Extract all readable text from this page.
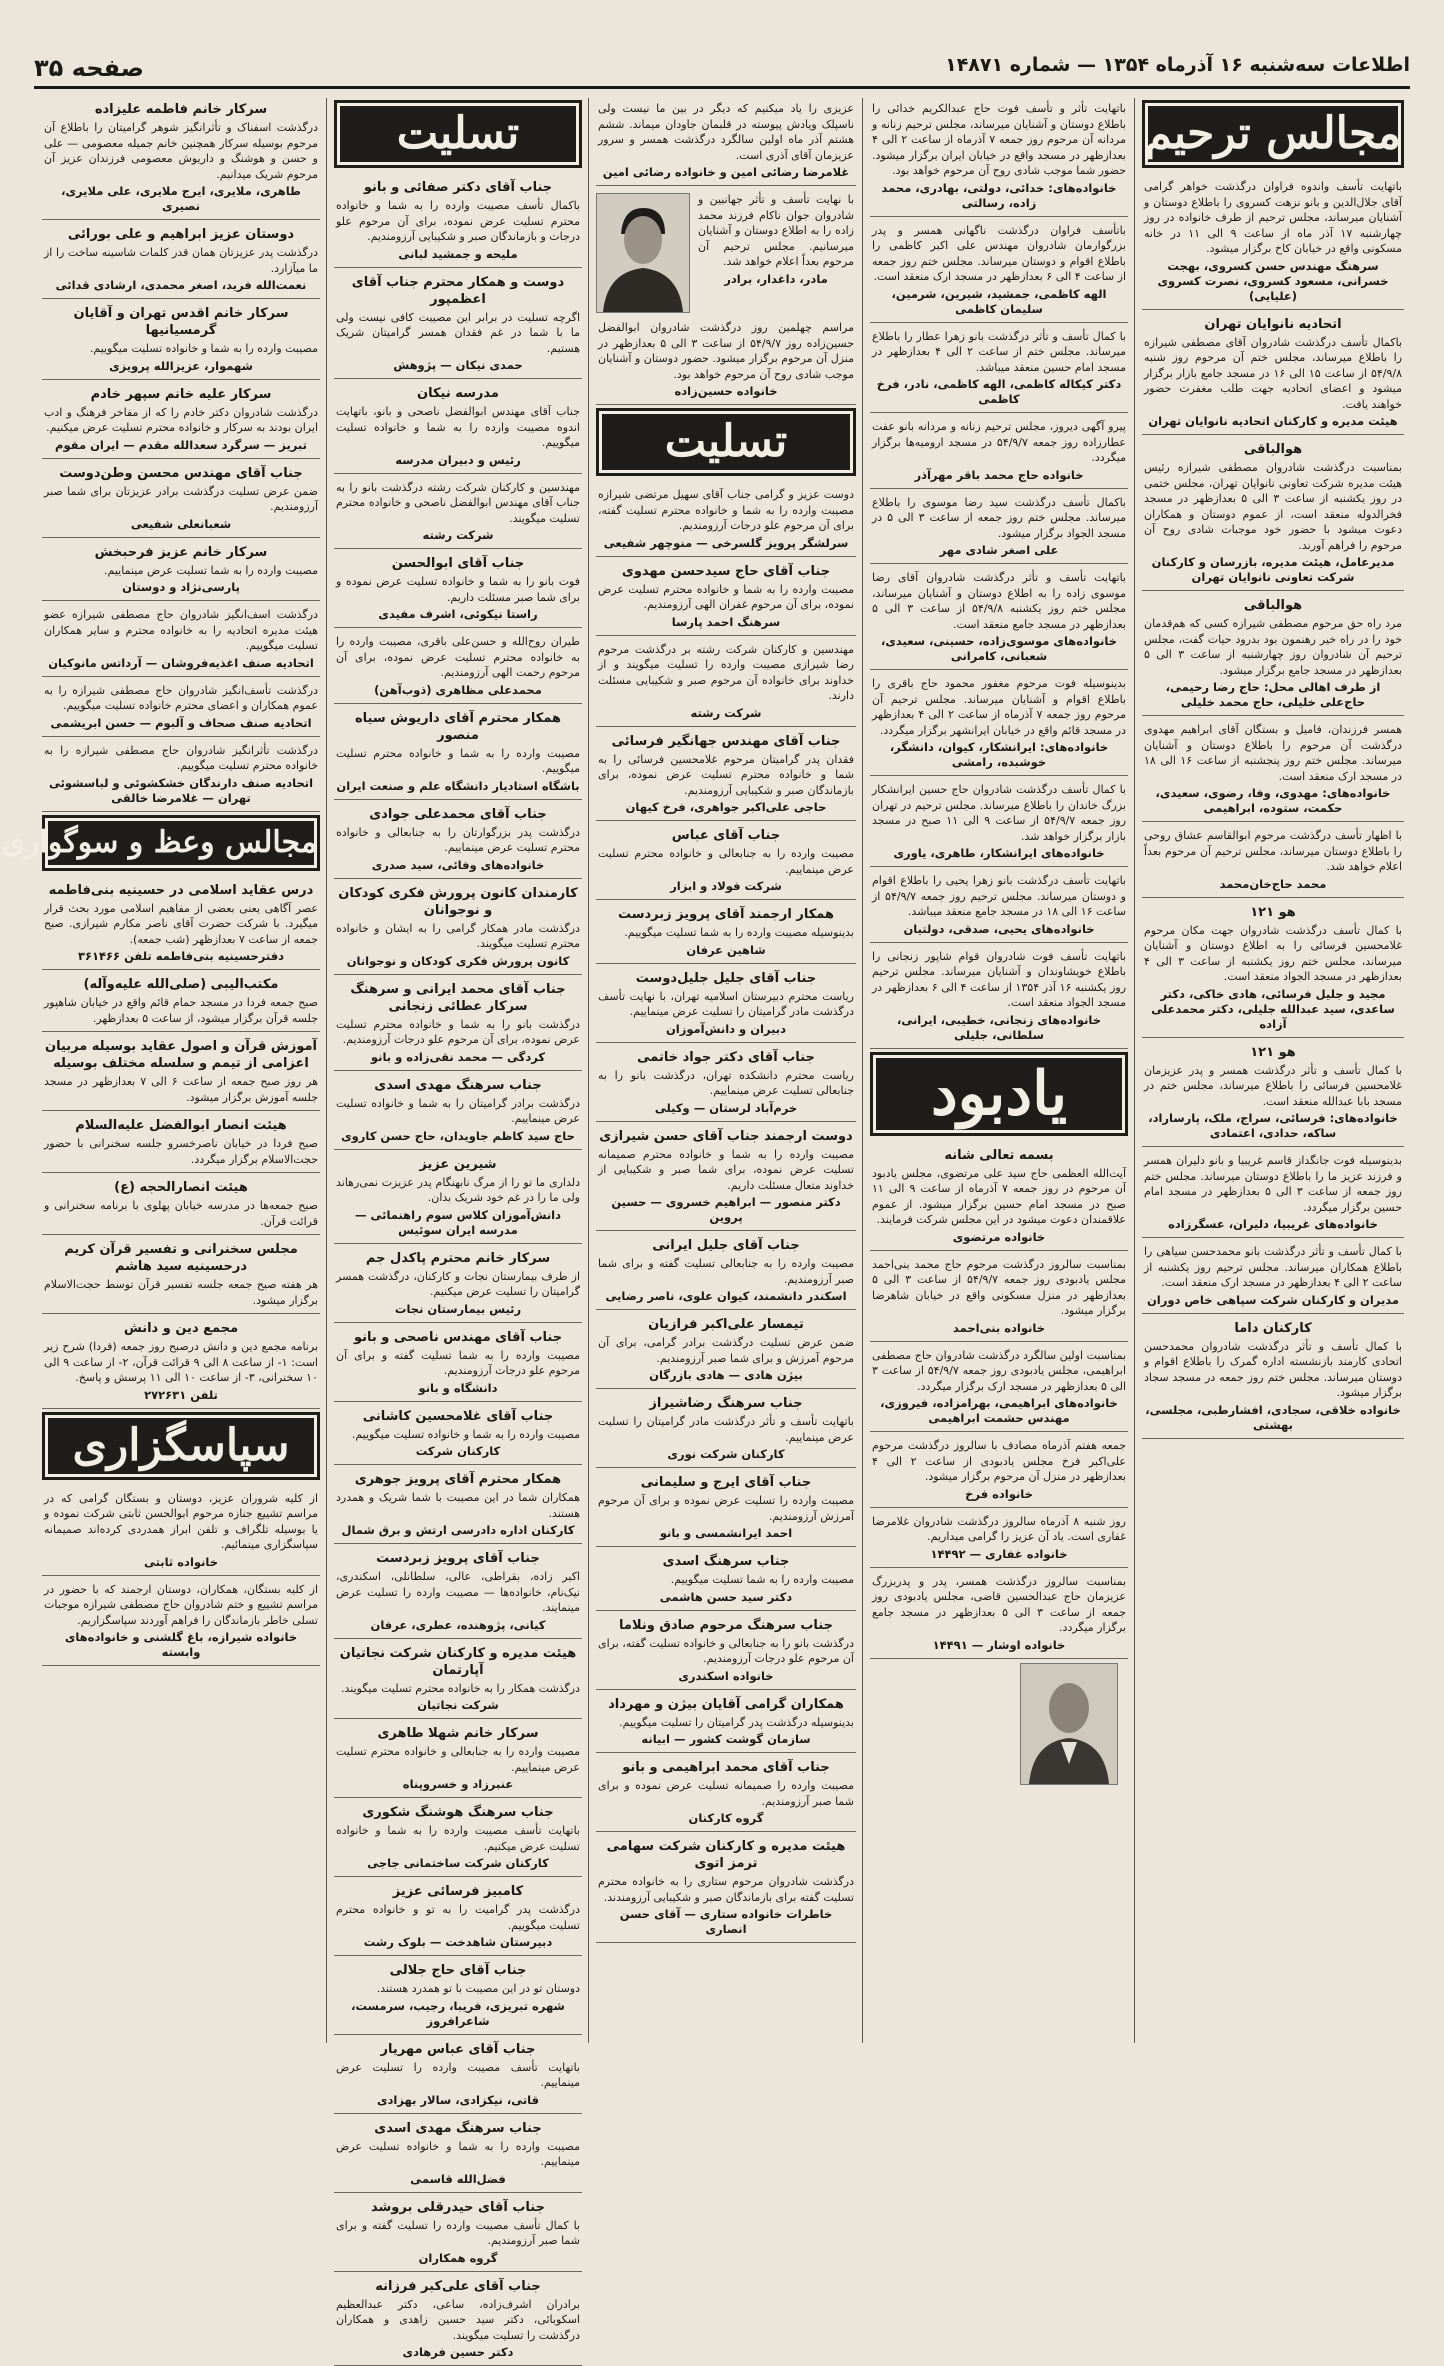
اطلاعات سه‌شنبه ۱۶ آذرماه ۱۳۵۴ — شماره ۱۴۸۷۱
صفحه ۳۵
مجالس ترحیم

باتهایت تأسف واندوه فراوان درگذشت خواهر گرامی آقای جلال‌الدین و بانو نزهت کسروی را باطلاع دوستان و آشنایان میرساند، مجلس ترحیم از طرف خانواده در روز چهارشنبه ۱۷ آذر ماه از ساعت ۹ الی ۱۱ در خانه مسکونی واقع در خیابان کاخ برگزار میشود.

سرهنگ مهندس حسن کسروی، بهجت خسرانی، مسعود کسروی، نصرت کسروی (علیایی)
اتحادیه نانوایان تهران

باکمال تأسف درگذشت شادروان آقای مصطفی شیرازه را باطلاع میرساند، مجلس ختم آن مرحوم روز شنبه ۵۴/۹/۸ از ساعت ۱۵ الی ۱۶ در مسجد جامع بازار برگزار میشود و اعضای اتحادیه جهت طلب مغفرت حضور خواهند یافت.

هیئت مدیره و کارکنان اتحادیه نانوایان تهران
هوالباقی

بمناسبت درگذشت شادروان مصطفی شیرازه رئیس هیئت مدیره شرکت تعاونی نانوایان تهران، مجلس ختمی در روز یکشنبه از ساعت ۳ الی ۵ بعدازظهر در مسجد فخرالدوله منعقد است، از عموم دوستان و همکاران دعوت میشود با حضور خود موجبات شادی روح آن مرحوم را فراهم آورند.

مدیرعامل، هیئت مدیره، بازرسان و کارکنان شرکت تعاونی نانوایان تهران
هوالباقی

مرد راه حق مرحوم مصطفی شیرازه کسی که هم‌قدمان خود را در راه خیر رهنمون بود بدرود حیات گفت، مجلس ترحیم آن شادروان روز چهارشنبه از ساعت ۳ الی ۵ بعدازظهر در مسجد جامع برگزار میشود.

از طرف اهالی محل: حاج رضا رحیمی، حاج‌علی خلیلی، حاج محمد خلیلی

همسر فرزندان، فامیل و بستگان آقای ابراهیم مهدوی درگذشت آن مرحوم را باطلاع دوستان و آشنایان میرساند. مجلس ختم روز پنجشنبه از ساعت ۱۶ الی ۱۸ در مسجد ارک منعقد است.

خانواده‌های: مهدوی، وفا، رضوی، سعیدی، حکمت، ستوده، ابراهیمی

با اظهار تأسف درگذشت مرحوم ابوالقاسم عشاق روحی را باطلاع دوستان میرساند، مجلس ترحیم آن مرحوم بعداً اعلام خواهد شد.

محمد حاج‌خان‌محمد
هو ۱۲۱

با کمال تأسف درگذشت شادروان جهت مکان مرحوم غلامحسین فرسائی را به اطلاع دوستان و آشنایان میرساند، مجلس ختم روز یکشنبه از ساعت ۳ الی ۴ بعدازظهر در مسجد الجواد منعقد است.

مجید و جلیل فرسائی، هادی خاکی، دکتر ساعدی، سید عبدالله جلیلی، دکتر محمدعلی آزاده
هو ۱۲۱

با کمال تأسف و تأثر درگذشت همسر و پدر عزیزمان غلامحسین فرسائی را باطلاع میرساند، مجلس ختم در مسجد بابا عبدالله منعقد است.

خانواده‌های: فرسائی، سراج، ملک، پارساراد، ساکه، حدادی، اعتمادی

بدینوسیله فوت جانگداز قاسم غریبیا و بانو دلیران همسر و فرزند عزیز ما را باطلاع دوستان میرساند. مجلس ختم روز جمعه از ساعت ۳ الی ۵ بعدازظهر در مسجد امام حسین برگزار میگردد.

خانواده‌های غریبیا، دلیران، عسگرزاده

با کمال تأسف و تأثر درگذشت بانو محمدحسن سیاهی را باطلاع همکاران میرساند. مجلس ترحیم روز یکشنبه از ساعت ۲ الی ۴ بعدازظهر در مسجد ارک منعقد است.

مدیران و کارکنان شرکت سپاهی خاص دوران
کارکنان داما

با کمال تأسف و تأثر درگذشت شادروان محمدحسن اتحادی کارمند بازنشسته اداره گمرک را باطلاع اقوام و دوستان میرساند. مجلس ختم روز جمعه در مسجد سجاد برگزار میشود.

خانواده خلاقی، سجادی، افشارطبی، مجلسی، بهشتی

باتهایت تأثر و تأسف فوت حاج عبدالکریم خدائی را باطلاع دوستان و آشنایان میرساند، مجلس ترحیم زنانه و مردانه آن مرحوم روز جمعه ۷ آذرماه از ساعت ۲ الی ۴ بعدازظهر در مسجد واقع در خیابان ایران برگزار میشود. حضور شما موجب شادی روح آن مرحوم خواهد بود.

خانواده‌های: خدائی، دولتی، بهادری، محمد زاده، رسالتی

باتأسف فراوان درگذشت ناگهانی همسر و پدر بزرگوارمان شادروان مهندس علی اکبر کاظمی را باطلاع اقوام و دوستان میرساند. مجلس ختم روز جمعه از ساعت ۴ الی ۶ بعدازظهر در مسجد ارک منعقد است.

الهه کاظمی، جمشید، شیرین، شرمین، سلیمان کاظمی

با کمال تأسف و تأثر درگذشت بانو زهرا عطار را باطلاع میرساند. مجلس ختم از ساعت ۲ الی ۴ بعدازظهر در مسجد امام حسین منعقد میباشد.

دکتر کیکاله کاظمی، الهه کاظمی، نادر، فرخ کاظمی

پیرو آگهی دیروز، مجلس ترحیم زنانه و مردانه بانو عفت عطارزاده روز جمعه ۵۴/۹/۷ در مسجد ارومیه‌ها برگزار میگردد.

خانواده حاج محمد باقر مهرآذر

باکمال تأسف درگذشت سید رضا موسوی را باطلاع میرساند. مجلس ختم روز جمعه از ساعت ۳ الی ۵ در مسجد الجواد برگزار میشود.

علی اصغر شادی مهر

باتهایت تأسف و تأثر درگذشت شادروان آقای رضا موسوی زاده را به اطلاع دوستان و آشنایان میرساند، مجلس ختم روز یکشنبه ۵۴/۹/۸ از ساعت ۳ الی ۵ بعدازظهر در مسجد جامع منعقد است.

خانواده‌های موسوی‌زاده، حسینی، سعیدی، شعبانی، کامرانی

بدینوسیله فوت مرحوم مغفور محمود حاج باقری را باطلاع اقوام و آشنایان میرساند. مجلس ترحیم آن مرحوم روز جمعه ۷ آذرماه از ساعت ۲ الی ۴ بعدازظهر در مسجد قائم واقع در خیابان ایرانشهر برگزار میگردد.

خانواده‌های: ایرانشکار، کیوان، دانشگر، خوشبده، رامشی

با کمال تأسف درگذشت شادروان حاج حسین ایرانشکار بزرگ خاندان را باطلاع میرساند. مجلس ترحیم در تهران روز جمعه ۵۴/۹/۷ از ساعت ۹ الی ۱۱ صبح در مسجد بازار برگزار خواهد شد.

خانواده‌های ایرانشکار، طاهری، یاوری

باتهایت تأسف درگذشت بانو زهرا یحیی را باطلاع اقوام و دوستان میرساند. مجلس ترحیم روز جمعه ۵۴/۹/۷ از ساعت ۱۶ الی ۱۸ در مسجد جامع منعقد میباشد.

خانواده‌های یحیی، صدقی، دولتیان

باتهایت تأسف فوت شادروان قوام شاپور زنجانی را باطلاع خویشاوندان و آشنایان میرساند. مجلس ترحیم روز یکشنبه ۱۶ آذر ۱۳۵۴ از ساعت ۴ الی ۶ بعدازظهر در مسجد الجواد منعقد است.

خانواده‌های زنجانی، خطیبی، ایرانی، سلطانی، جلیلی
یادبود
بسمه تعالی شانه

آیت‌الله العظمی حاج سید علی مرتضوی، مجلس یادبود آن مرحوم در روز جمعه ۷ آذرماه از ساعت ۹ الی ۱۱ صبح در مسجد امام حسین برگزار میشود. از عموم علاقمندان دعوت میشود در این مجلس شرکت فرمایند.

خانواده مرتضوی

بمناسبت سالروز درگذشت مرحوم حاج محمد بنی‌احمد مجلس یادبودی روز جمعه ۵۴/۹/۷ از ساعت ۳ الی ۵ بعدازظهر در منزل مسکونی واقع در خیابان شاهرضا برگزار میشود.

خانواده بنی‌احمد

بمناسبت اولین سالگرد درگذشت شادروان حاج مصطفی ابراهیمی، مجلس یادبودی روز جمعه ۵۴/۹/۷ از ساعت ۳ الی ۵ بعدازظهر در مسجد ارک برگزار میگردد.

خانواده‌های ابراهیمی، بهرامزاده، فیروزی، مهندس حشمت ابراهیمی

جمعه هفتم آذرماه مصادف با سالروز درگذشت مرحوم علی‌اکبر فرخ مجلس یادبودی از ساعت ۲ الی ۴ بعدازظهر در منزل آن مرحوم برگزار میشود.

خانواده فرخ

روز شنبه ۸ آذرماه سالروز درگذشت شادروان غلامرضا غفاری است. یاد آن عزیز را گرامی میداریم.

خانواده غفاری — ۱۴۴۹۲

بمناسبت سالروز درگذشت همسر، پدر و پدربزرگ عزیزمان حاج عبدالحسین قاضی، مجلس یادبودی روز جمعه از ساعت ۳ الی ۵ بعدازظهر در مسجد جامع برگزار میگردد.

خانواده اوشار — ۱۴۴۹۱

عزیزی را یاد میکنیم که دیگر در بین ما نیست ولی ناسپلک ویادش پیوسته در قلبمان جاودان میماند. ششم هشتم آذر ماه اولین سالگرد درگذشت همسر و سرور عزیزمان آقای آذری است.

غلامرضا رضائی امین و خانواده رضائی امین

با نهایت تأسف و تأثر جهانبین و شادروان جوان ناکام فرزند محمد زاده را به اطلاع دوستان و آشنایان میرسانیم. مجلس ترحیم آن مرحوم بعداً اعلام خواهد شد.

مادر، داغدار، برادر

مراسم چهلمین روز درگذشت شادروان ابوالفضل حسین‌زاده روز ۵۴/۹/۷ از ساعت ۳ الی ۵ بعدازظهر در منزل آن مرحوم برگزار میشود. حضور دوستان و آشنایان موجب شادی روح آن مرحوم خواهد بود.

خانواده حسین‌زاده
تسلیت

دوست عزیز و گرامی جناب آقای سهیل مرتضی شیرازه مصیبت وارده را به شما و خانواده محترم تسلیت گفته، برای آن مرحوم علو درجات آرزومندیم.

سرلشگر پرویز گلسرخی — منوچهر شفیعی
جناب آقای حاج سیدحسن مهدوی

مصیبت وارده را به شما و خانواده محترم تسلیت عرض نموده، برای آن مرحوم غفران الهی آرزومندیم.

سرهنگ احمد پارسا

مهندسین و کارکنان شرکت رشته بر درگذشت مرحوم رضا شیرازی مصیبت وارده را تسلیت میگویند و از خداوند برای خانواده آن مرحوم صبر و شکیبایی مسئلت دارند.

شرکت رشته
جناب آقای مهندس جهانگیر فرسائی

فقدان پدر گرامیتان مرحوم غلامحسین فرسائی را به شما و خانواده محترم تسلیت عرض نموده، برای بازماندگان صبر و شکیبایی آرزومندیم.

حاجی علی‌اکبر جواهری، فرخ کیهان
جناب آقای عباس

مصیبت وارده را به جنابعالی و خانواده محترم تسلیت عرض مینماییم.

شرکت فولاد و ابزار
همکار ارجمند آقای پرویز زبردست

بدینوسیله مصیبت وارده را به شما تسلیت میگوییم.

شاهین عرفان
جناب آقای جلیل جلیل‌دوست

ریاست محترم دبیرستان اسلامیه تهران، با نهایت تأسف درگذشت مادر گرامیتان را تسلیت عرض مینماییم.

دبیران و دانش‌آموزان
جناب آقای دکتر جواد خاتمی

ریاست محترم دانشکده تهران، درگذشت بانو را به جنابعالی تسلیت عرض مینماییم.

خرم‌آباد لرستان — وکیلی
دوست ارجمند جناب آقای حسن شیرازی

مصیبت وارده را به شما و خانواده محترم صمیمانه تسلیت عرض نموده، برای شما صبر و شکیبایی از خداوند متعال مسئلت داریم.

دکتر منصور — ابراهیم خسروی — حسین پروین
جناب آقای جلیل ایرانی

مصیبت وارده را به جنابعالی تسلیت گفته و برای شما صبر آرزومندیم.

اسکندر دانشمند، کیوان علوی، ناصر رضایی
تیمسار علی‌اکبر فرازیان

ضمن عرض تسلیت درگذشت برادر گرامی، برای آن مرحوم آمرزش و برای شما صبر آرزومندیم.

بیژن هادی — هادی بازرگان
جناب سرهنگ رضاشیراز

باتهایت تأسف و تأثر درگذشت مادر گرامیتان را تسلیت عرض مینماییم.

کارکنان شرکت نوری
جناب آقای ایرج و سلیمانی

مصیبت وارده را تسلیت عرض نموده و برای آن مرحوم آمرزش آرزومندیم.

احمد ایرانشمسی و بانو
جناب سرهنگ اسدی

مصیبت وارده را به شما تسلیت میگوییم.

دکتر سید حسن هاشمی
جناب سرهنگ مرحوم صادق ونلاما

درگذشت بانو را به جنابعالی و خانواده تسلیت گفته، برای آن مرحوم علو درجات آرزومندیم.

خانواده اسکندری
همکاران گرامی آقایان بیژن و مهرداد

بدینوسیله درگذشت پدر گرامیتان را تسلیت میگوییم.

سازمان گوشت کشور — ابیانه
جناب آقای محمد ابراهیمی و بانو

مصیبت وارده را صمیمانه تسلیت عرض نموده و برای شما صبر آرزومندیم.

گروه کارکنان
هیئت مدیره و کارکنان شرکت سهامی ترمز اتوی

درگذشت شادروان مرحوم ستاری را به خانواده محترم تسلیت گفته برای بازماندگان صبر و شکیبایی آرزومندند.

خاطرات خانواده ستاری — آقای حسن انصاری
تسلیت
جناب آقای دکتر صفائی و بانو

باکمال تأسف مصیبت وارده را به شما و خانواده محترم تسلیت عرض نموده، برای آن مرحوم علو درجات و بازماندگان صبر و شکیبایی آرزومندیم.

ملیحه و جمشید لبانی
دوست و همکار محترم جناب آقای اعظمپور

اگرچه تسلیت در برابر این مصیبت کافی نیست ولی ما با شما در غم فقدان همسر گرامیتان شریک هستیم.

حمدی نیکان — پژوهش
مدرسه نیکان

جناب آقای مهندس ابوالفضل ناصحی و بانو، باتهایت اندوه مصیبت وارده را به شما و خانواده تسلیت میگوییم.

رئیس و دبیران مدرسه

مهندسین و کارکنان شرکت رشته درگذشت بانو را به جناب آقای مهندس ابوالفضل ناصحی و خانواده محترم تسلیت میگویند.

شرکت رشته
جناب آقای ابوالحسن

فوت بانو را به شما و خانواده تسلیت عرض نموده و برای شما صبر مسئلت داریم.

راستا نیکوئی، اشرف مفیدی

طیران روح‌الله و حسن‌علی باقری، مصیبت وارده را به خانواده محترم تسلیت عرض نموده، برای آن مرحوم رحمت الهی آرزومندیم.

محمدعلی مظاهری (ذوب‌آهن)
همکار محترم آقای داریوش سیاه منصور

مصیبت وارده را به شما و خانواده محترم تسلیت میگوییم.

باشگاه استادیار دانشگاه علم و صنعت ایران
جناب آقای محمدعلی جوادی

درگذشت پدر بزرگوارتان را به جنابعالی و خانواده محترم تسلیت عرض مینماییم.

خانواده‌های وفائی، سید صدری
کارمندان کانون پرورش فکری کودکان و نوجوانان

درگذشت مادر همکار گرامی را به ایشان و خانواده محترم تسلیت میگویند.

کانون پرورش فکری کودکان و نوجوانان
جناب آقای محمد ایرانی و سرهنگ سرکار عطائی زنجانی

درگذشت بانو را به شما و خانواده محترم تسلیت عرض نموده، برای آن مرحوم علو درجات آرزومندیم.

کردگی — محمد نقی‌زاده و بانو
جناب سرهنگ مهدی اسدی

درگذشت برادر گرامیتان را به شما و خانواده تسلیت عرض مینماییم.

حاج سید کاظم جاویدان، حاج حسن کاروی
شیرین عزیز

دلداری ما تو را از مرگ نابهنگام پدر عزیزت نمی‌رهاند ولی ما را در غم خود شریک بدان.

دانش‌آموزان کلاس سوم راهنمائی — مدرسه ایران سوئیس
سرکار خانم محترم پاکدل جم

از طرف بیمارستان نجات و کارکنان، درگذشت همسر گرامیتان را تسلیت عرض میکنیم.

رئیس بیمارستان نجات
جناب آقای مهندس ناصحی و بانو

مصیبت وارده را به شما تسلیت گفته و برای آن مرحوم علو درجات آرزومندیم.

دانشگاه و بانو
جناب آقای غلامحسین کاشانی

مصیبت وارده را به شما و خانواده تسلیت میگوییم.

کارکنان شرکت
همکار محترم آقای پرویز جوهری

همکاران شما در این مصیبت با شما شریک و همدرد هستند.

کارکنان اداره دادرسی ارتش و برق شمال
جناب آقای پرویز زبردست

اکبر زاده، بقراطی، عالی، سلطانلی، اسکندری، نیک‌نام، خانواده‌ها — مصیبت وارده را تسلیت عرض مینمایند.

کیانی، پژوهنده، عطری، عرفان
هیئت مدیره و کارکنان شرکت نجاتیان آپارتمان

درگذشت همکار را به خانواده محترم تسلیت میگویند.

شرکت نجاتیان
سرکار خانم شهلا طاهری

مصیبت وارده را به جنابعالی و خانواده محترم تسلیت عرض مینماییم.

عنبرزاد و خسروپناه
جناب سرهنگ هوشنگ شکوری

باتهایت تأسف مصیبت وارده را به شما و خانواده تسلیت عرض میکنیم.

کارکنان شرکت ساختمانی جاجی
کامبیز فرسائی عزیز

درگذشت پدر گرامیت را به تو و خانواده محترم تسلیت میگوییم.

دبیرستان شاهدخت — بلوک رشت
جناب آقای حاج جلالی

دوستان تو در این مصیبت با تو همدرد هستند.

شهره تبریزی، فریبا، رجیب، سرمست، شاعرافروز
جناب آقای عباس مهریار

باتهایت تأسف مصیبت وارده را تسلیت عرض مینماییم.

قاتی، نیکزادی، سالار بهزادی
جناب سرهنگ مهدی اسدی

مصیبت وارده را به شما و خانواده تسلیت عرض مینماییم.

فضل‌الله قاسمی
جناب آقای حیدرقلی بروشد

با کمال تأسف مصیبت وارده را تسلیت گفته و برای شما صبر آرزومندیم.

گروه همکاران
جناب آقای علی‌کبر فرزانه

برادران اشرف‌زاده، ساعی، دکتر عبدالعظیم اسکوبائی، دکتر سید حسین زاهدی و همکاران درگذشت را تسلیت میگویند.

دکتر حسین فرهادی
سرکار خانم فاطمه علیزاده

درگذشت اسفناک و تأثرانگیز شوهر گرامیتان را باطلاع آن مرحوم بوسیله سرکار همچنین خانم جمیله معصومی — علی و حسن و هوشنگ و داریوش معصومی فرزندان عزیز آن مرحوم شریک میدانیم.

طاهری، ملایری، ایرج ملایری، علی ملایری، نصیری
دوستان عزیز ابراهیم و علی بورائی

درگذشت پدر عزیزتان همان قدر کلمات شاسینه ساخت را از ما میآزارد.

نعمت‌الله فرید، اصغر محمدی، ارشادی قدائی
سرکار خانم اقدس تهران و آقایان گرمسیانیها

مصیبت وارده را به شما و خانواده تسلیت میگوییم.

شهموار، عزیزالله پرویزی
سرکار علیه خانم سپهر خادم

درگذشت شادروان دکتر خادم را که از مفاخر فرهنگ و ادب ایران بودند به سرکار و خانواده محترم تسلیت عرض میکنیم.

تبریز — سرگرد سعدالله مقدم — ایران مقوم
جناب آقای مهندس محسن وطن‌دوست

ضمن عرض تسلیت درگذشت برادر عزیزتان برای شما صبر آرزومندیم.

شعبانعلی شفیعی
سرکار خانم عزیز فرحبخش

مصیبت وارده را به شما تسلیت عرض مینماییم.

پارسی‌نژاد و دوستان

درگذشت اسف‌انگیز شادروان حاج مصطفی شیرازه عضو هیئت مدیره اتحادیه را به خانواده محترم و سایر همکاران تسلیت میگوییم.

اتحادیه صنف اغذیه‌فروشان — آرداتس مانوکیان

درگذشت تأسف‌انگیز شادروان حاج مصطفی شیرازه را به عموم همکاران و اعضای محترم خانواده تسلیت میگوییم.

اتحادیه صنف صحاف و آلبوم — حسن ابریشمی

درگذشت تأثرانگیز شادروان حاج مصطفی شیرازه را به خانواده محترم تسلیت میگوییم.

اتحادیه صنف دارندگان خشکشوئی و لباسشوئی تهران — غلامرضا خالقی
مجالس وعظ و سوگواری
درس عقاید اسلامی در حسینیه بنی‌فاطمه

عصر آگاهی یعنی بعضی از مفاهیم اسلامی مورد بحث قرار میگیرد. با شرکت حضرت آقای ناصر مکارم شیرازی. صبح جمعه از ساعت ۷ بعدازظهر (شب جمعه).

دفترحسینیه بنی‌فاطمه تلفن ۳۶۱۴۶۶
مکتب‌الیبی (صلی‌الله علیه‌وآله)

صبح جمعه فردا در مسجد حمام قائم واقع در خیابان شاهپور جلسه قرآن برگزار میشود، از ساعت ۵ بعدازظهر.

آموزش قرآن و اصول عقاید بوسیله مربیان اعزامی از تیمم و سلسله مختلف بوسیله

هر روز صبح جمعه از ساعت ۶ الی ۷ بعدازظهر در مسجد جلسه آموزش برگزار میشود.

هیئت انصار ابوالفضل علیه‌السلام

صبح فردا در خیابان ناصرخسرو جلسه سخنرانی با حضور حجت‌الاسلام برگزار میگردد.

هیئت انصارالحجه (ع)

صبح جمعه‌ها در مدرسه خیابان پهلوی با برنامه سخنرانی و قرائت قرآن.

مجلس سخنرانی و تفسیر قرآن کریم درحسینیه سید هاشم

هر هفته صبح جمعه جلسه تفسیر قرآن توسط حجت‌الاسلام برگزار میشود.

مجمع دین و دانش

برنامه مجمع دین و دانش درصبح روز جمعه (فردا) شرح زیر است: ۱- از ساعت ۸ الی ۹ قرائت قرآن، ۲- از ساعت ۹ الی ۱۰ سخنرانی، ۳- از ساعت ۱۰ الی ۱۱ پرسش و پاسخ.

تلفن ۲۷۲۶۳۱
سپاسگزاری

از کلیه شروران عزیز، دوستان و بستگان گرامی که در مراسم تشییع جنازه مرحوم ابوالحسن ثابتی شرکت نموده و یا بوسیله تلگراف و تلفن ابراز همدردی کرده‌اند صمیمانه سپاسگزاری مینمائیم.

خانواده ثابتی

از کلیه بستگان، همکاران، دوستان ارجمند که با حضور در مراسم تشییع و ختم شادروان حاج مصطفی شیرازه موجبات تسلی خاطر بازماندگان را فراهم آوردند سپاسگزاریم.

خانواده شیرازه، باغ گلشنی و خانواده‌های وابسته
